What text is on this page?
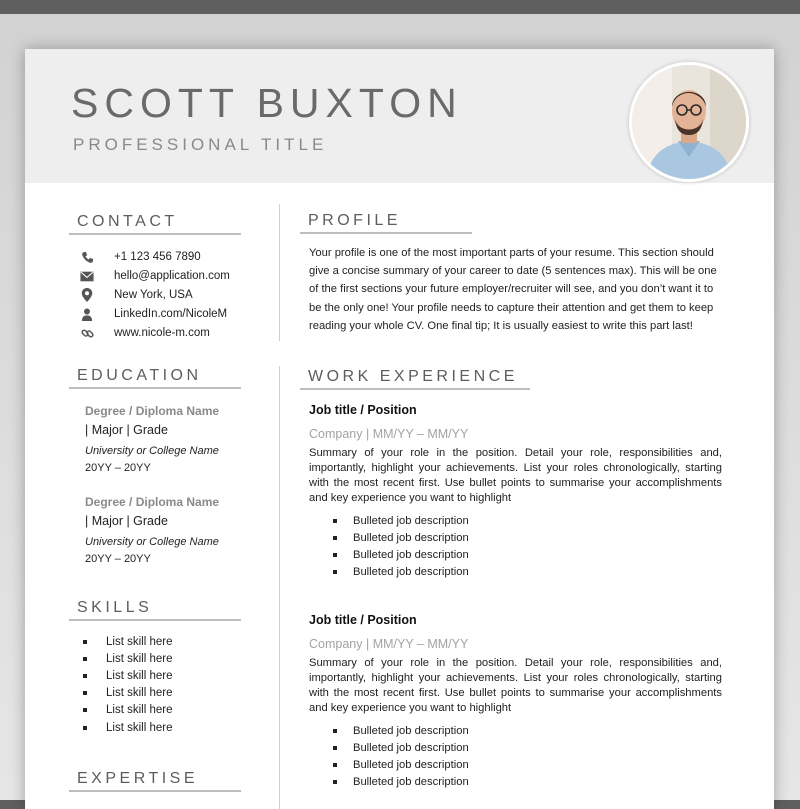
SCOTT BUXTON
PROFESSIONAL TITLE
CONTACT
+1 123 456 7890
hello@application.com
New York, USA
LinkedIn.com/NicoleM
www.nicole-m.com
EDUCATION
Degree / Diploma Name
| Major | Grade
University or College Name
20YY – 20YY
Degree / Diploma Name
| Major | Grade
University or College Name
20YY – 20YY
SKILLS
List skill here
List skill here
List skill here
List skill here
List skill here
List skill here
EXPERTISE
PROFILE
Your profile is one of the most important parts of your resume. This section should give a concise summary of your career to date (5 sentences max). This will be one of the first sections your future employer/recruiter will see, and you don’t want it to be the only one! Your profile needs to capture their attention and get them to keep reading your whole CV. One final tip; It is usually easiest to write this part last!
WORK EXPERIENCE
Job title / Position
Company | MM/YY – MM/YY
Summary of your role in the position. Detail your role, responsibilities and, importantly, highlight your achievements. List your roles chronologically, starting with the most recent first. Use bullet points to summarise your accomplishments and key experience you want to highlight
Bulleted job description
Bulleted job description
Bulleted job description
Bulleted job description
Job title / Position
Company | MM/YY – MM/YY
Summary of your role in the position. Detail your role, responsibilities and, importantly, highlight your achievements. List your roles chronologically, starting with the most recent first. Use bullet points to summarise your accomplishments and key experience you want to highlight
Bulleted job description
Bulleted job description
Bulleted job description
Bulleted job description
